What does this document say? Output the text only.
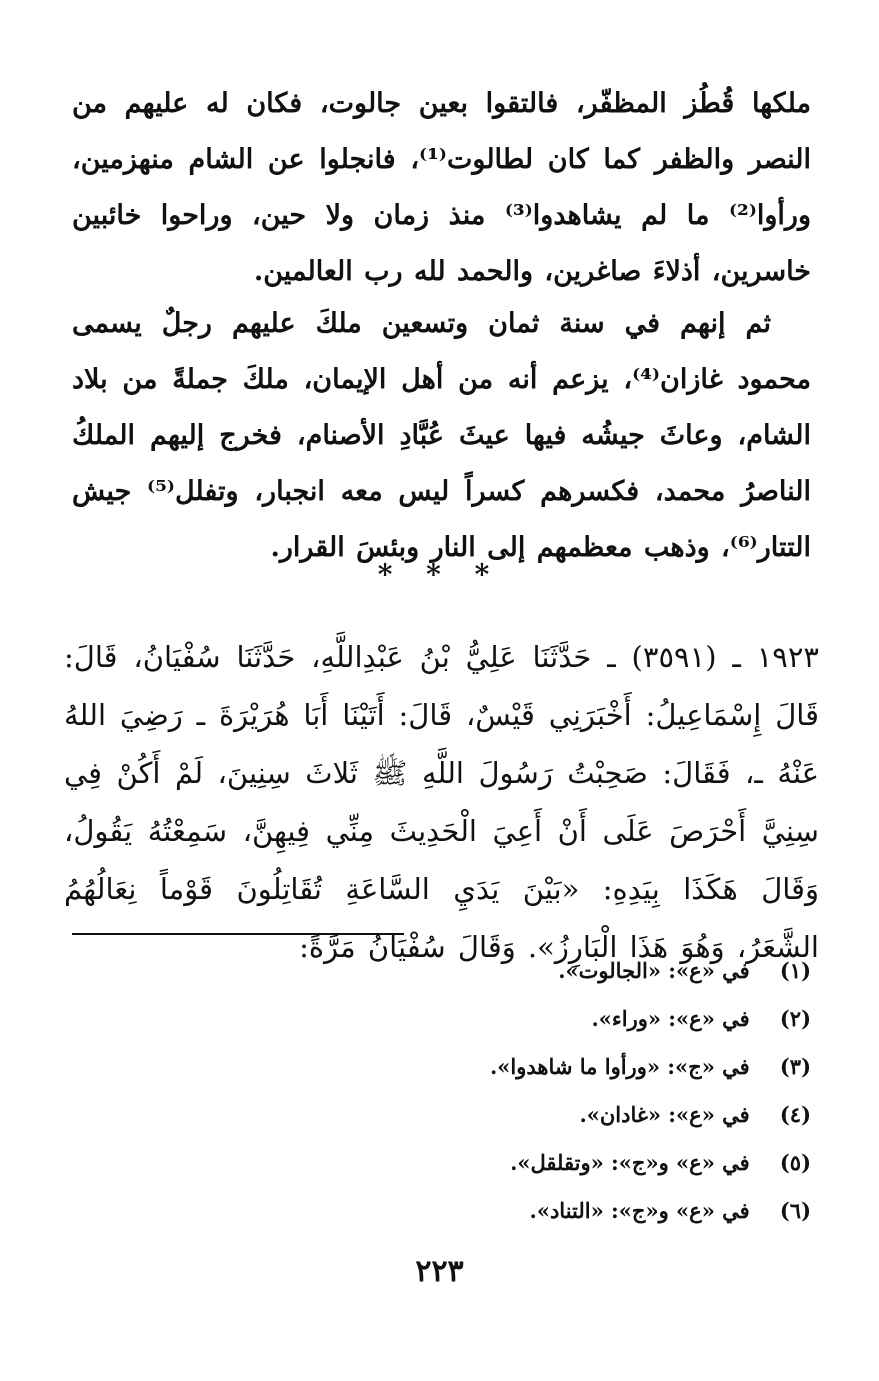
ملكها قُطُز المظفّر، فالتقوا بعين جالوت، فكان له عليهم من النصر والظفر كما كان لطالوت⁽¹⁾، فانجلوا عن الشام منهزمين، ورأوا⁽²⁾ ما لم يشاهدوا⁽³⁾ منذ زمان ولا حين، وراحوا خائبين خاسرين، أذلاءَ صاغرين، والحمد لله رب العالمين.

ثم إنهم في سنة ثمان وتسعين ملكَ عليهم رجلٌ يسمى محمود غازان⁽⁴⁾، يزعم أنه من أهل الإيمان، ملكَ جملةً من بلاد الشام، وعاثَ جيشُه فيها عيثَ عُبَّادِ الأصنام، فخرج إليهم الملكُ الناصرُ محمد، فكسرهم كسراً ليس معه انجبار، وتفلل⁽⁵⁾ جيش التتار⁽⁶⁾، وذهب معظمهم إلى النار وبئسَ القرار.

* * *

١٩٢٣ ـ (٣٥٩١) ـ حَدَّثَنَا عَلِيُّ بْنُ عَبْدِاللَّهِ، حَدَّثَنَا سُفْيَانُ، قَالَ: قَالَ إِسْمَاعِيلُ: أَخْبَرَنِي قَيْسٌ، قَالَ: أَتَيْنَا أَبَا هُرَيْرَةَ ـ رَضِيَ اللهُ عَنْهُ ـ، فَقَالَ: صَحِبْتُ رَسُولَ اللَّهِ ﷺ ثَلاثَ سِنِينَ، لَمْ أَكُنْ فِي سِنِيَّ أَحْرَصَ عَلَى أَنْ أَعِيَ الْحَدِيثَ مِنِّي فِيهِنَّ، سَمِعْتُهُ يَقُولُ، وَقَالَ هَكَذَا بِيَدِهِ: «بَيْنَ يَدَيِ السَّاعَةِ تُقَاتِلُونَ قَوْماً نِعَالُهُمُ الشَّعَرُ، وَهُوَ هَذَا الْبَارِزُ». وَقَالَ سُفْيَانُ مَرَّةً:

(١) في «ع»: «الجالوت».
(٢) في «ع»: «وراء».
(٣) في «ج»: «ورأوا ما شاهدوا».
(٤) في «ع»: «غادان».
(٥) في «ع» و«ج»: «وتقلقل».
(٦) في «ع» و«ج»: «التناد».
٢٢٣
